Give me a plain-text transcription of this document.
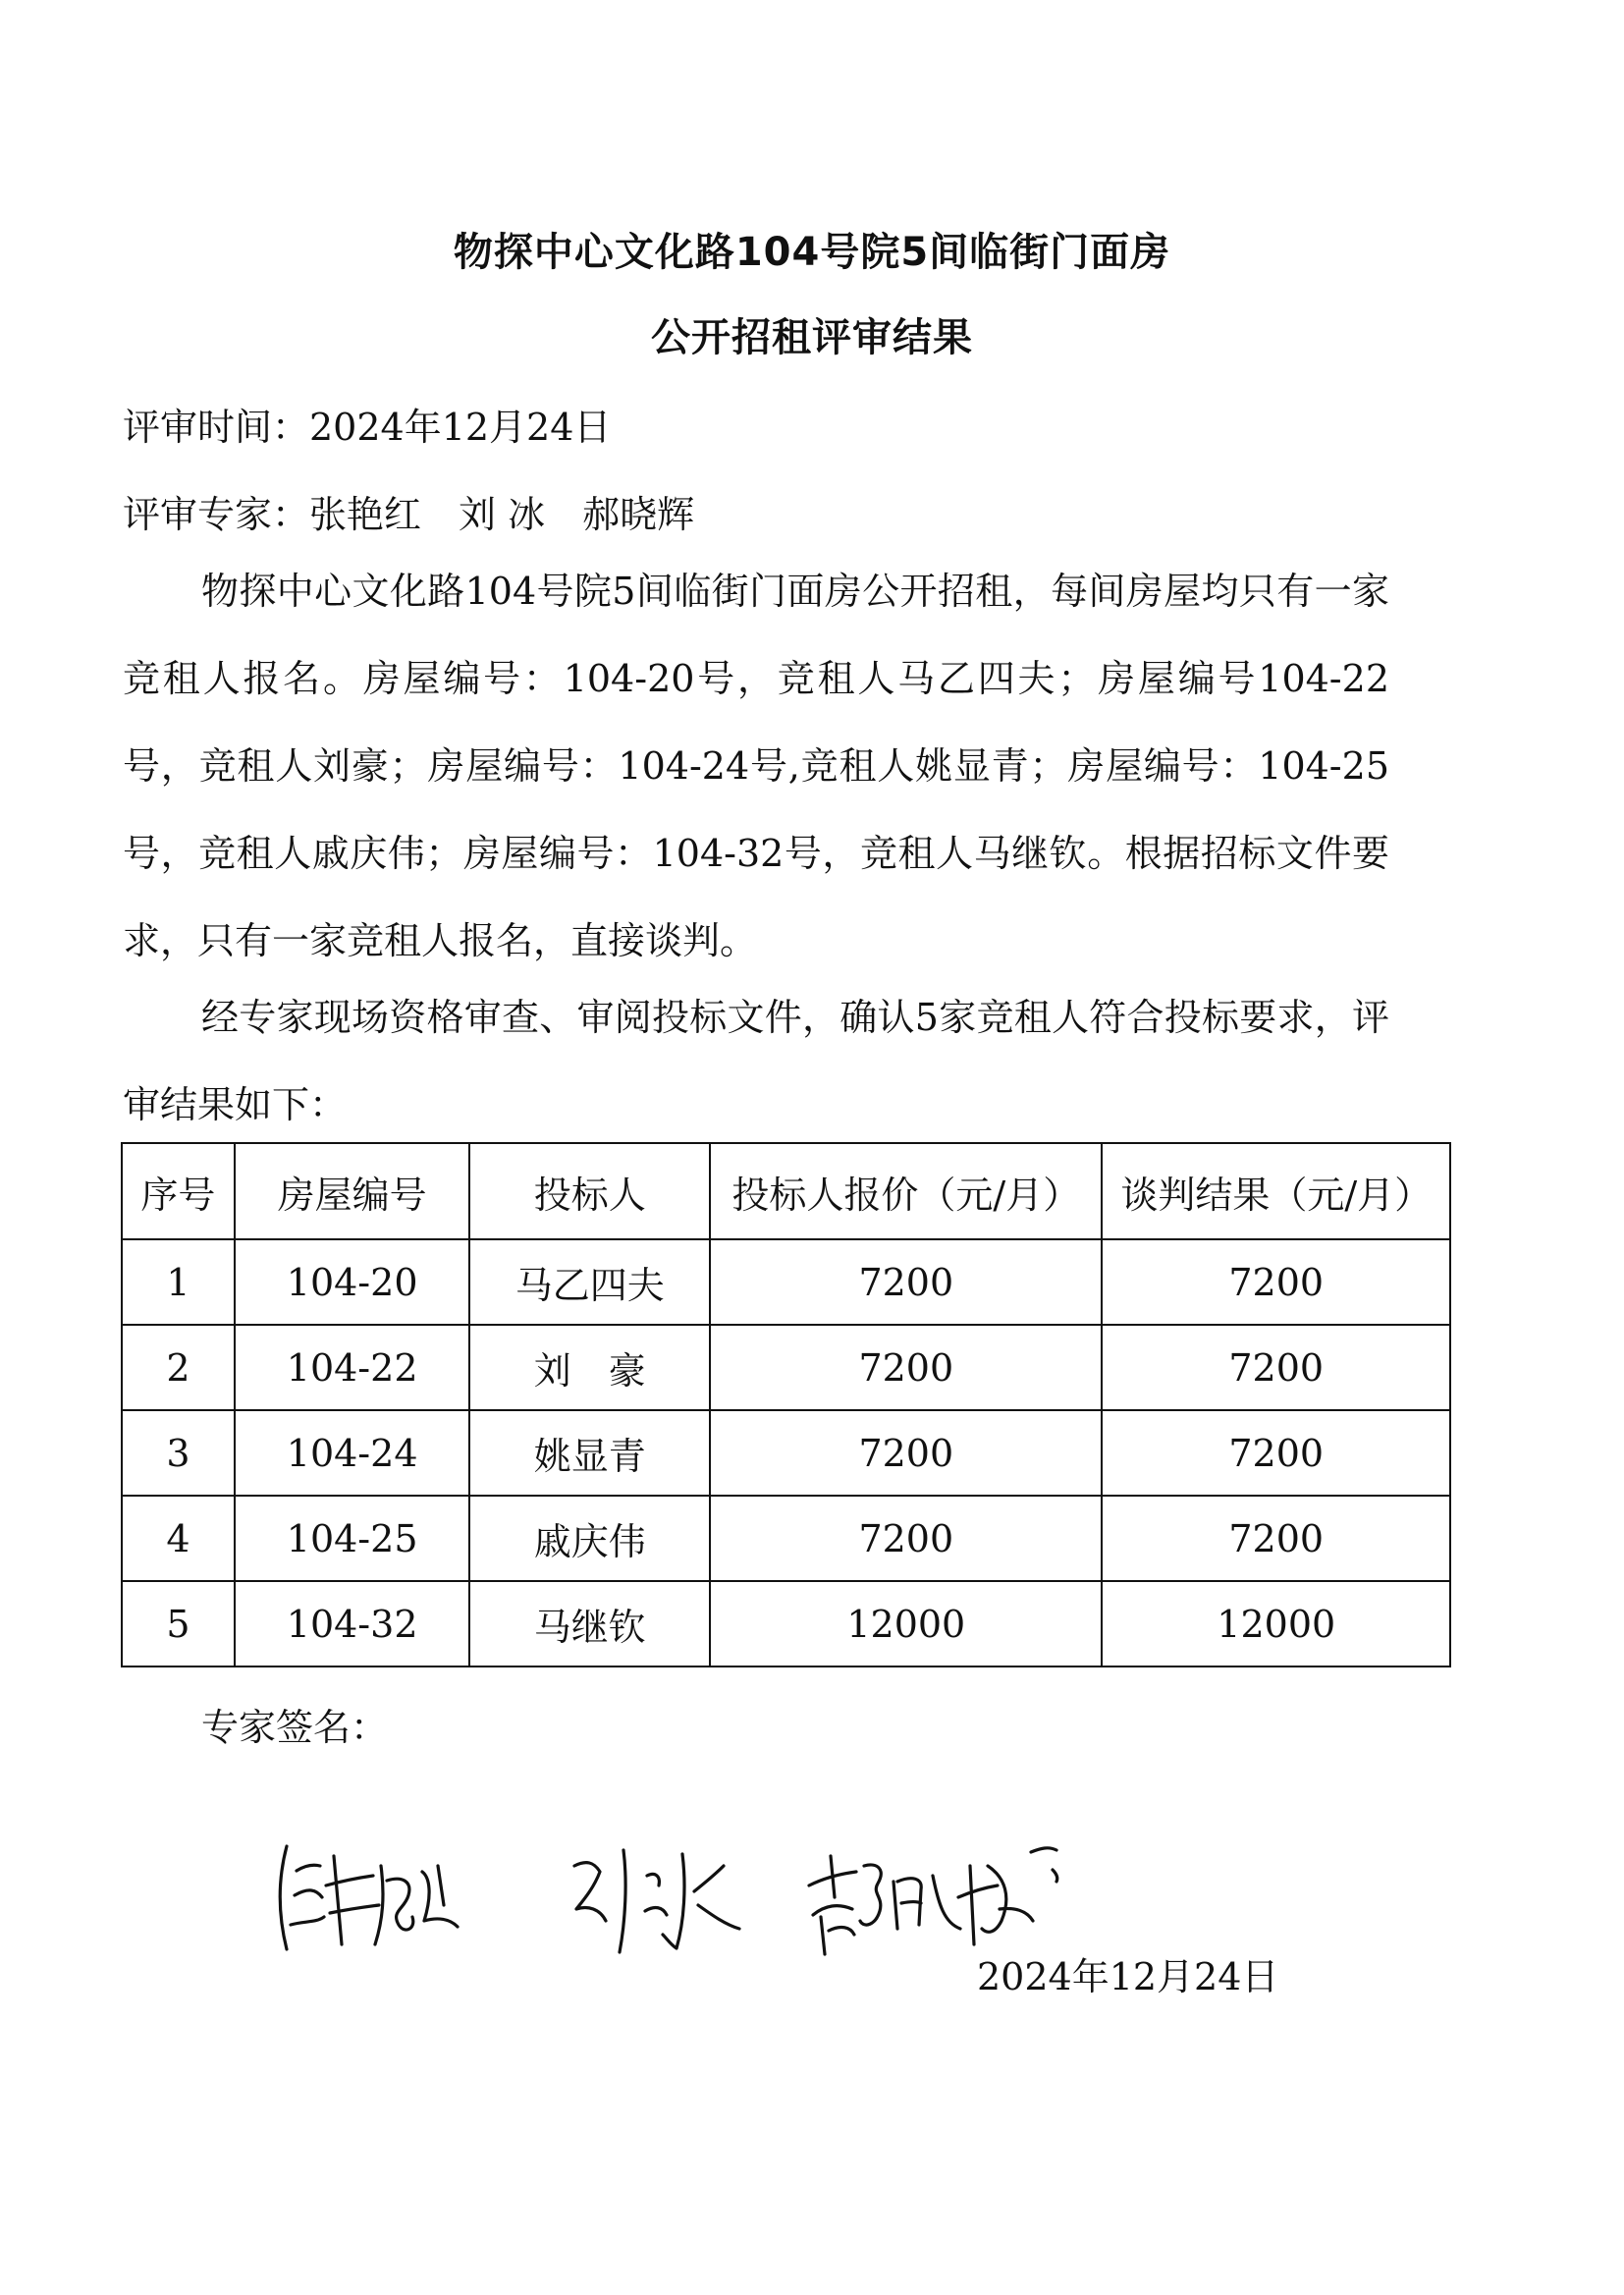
物探中心文化路104号院5间临街门面房
公开招租评审结果
评审时间：2024年12月24日
评审专家：张艳红　刘 冰　郝晓辉
物探中心文化路104号院5间临街门面房公开招租，每间房屋均只有一家竞租人报名。房屋编号：104-20号，竞租人马乙四夫；房屋编号104-22号，竞租人刘豪；房屋编号：104-24号,竞租人姚显青；房屋编号：104-25号，竞租人戚庆伟；房屋编号：104-32号，竞租人马继钦。根据招标文件要求，只有一家竞租人报名，直接谈判。
经专家现场资格审查、审阅投标文件，确认5家竞租人符合投标要求，评审结果如下：
序号	房屋编号	投标人	投标人报价（元/月）	谈判结果（元/月）
1	104-20	马乙四夫	7200	7200
2	104-22	刘　豪	7200	7200
3	104-24	姚显青	7200	7200
4	104-25	戚庆伟	7200	7200
5	104-32	马继钦	12000	12000
专家签名：
2024年12月24日
